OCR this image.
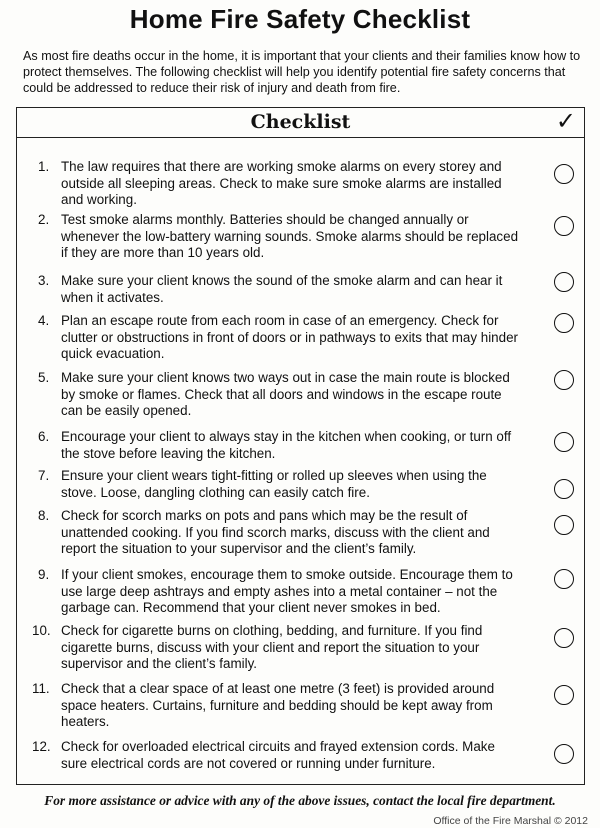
Home Fire Safety Checklist
As most fire deaths occur in the home, it is important that your clients and their families know how to protect themselves. The following checklist will help you identify potential fire safety concerns that could be addressed to reduce their risk of injury and death from fire.
Checklist	✓
1. The law requires that there are working smoke alarms on every storey and outside all sleeping areas. Check to make sure smoke alarms are installed and working.
2. Test smoke alarms monthly. Batteries should be changed annually or whenever the low-battery warning sounds. Smoke alarms should be replaced if they are more than 10 years old.
3. Make sure your client knows the sound of the smoke alarm and can hear it when it activates.
4. Plan an escape route from each room in case of an emergency. Check for clutter or obstructions in front of doors or in pathways to exits that may hinder quick evacuation.
5. Make sure your client knows two ways out in case the main route is blocked by smoke or flames. Check that all doors and windows in the escape route can be easily opened.
6. Encourage your client to always stay in the kitchen when cooking, or turn off the stove before leaving the kitchen.
7. Ensure your client wears tight-fitting or rolled up sleeves when using the stove. Loose, dangling clothing can easily catch fire.
8. Check for scorch marks on pots and pans which may be the result of unattended cooking. If you find scorch marks, discuss with the client and report the situation to your supervisor and the client’s family.
9. If your client smokes, encourage them to smoke outside. Encourage them to use large deep ashtrays and empty ashes into a metal container – not the garbage can. Recommend that your client never smokes in bed.
10. Check for cigarette burns on clothing, bedding, and furniture. If you find cigarette burns, discuss with your client and report the situation to your supervisor and the client’s family.
11. Check that a clear space of at least one metre (3 feet) is provided around space heaters. Curtains, furniture and bedding should be kept away from heaters.
12. Check for overloaded electrical circuits and frayed extension cords. Make sure electrical cords are not covered or running under furniture.
For more assistance or advice with any of the above issues, contact the local fire department.
Office of the Fire Marshal © 2012
